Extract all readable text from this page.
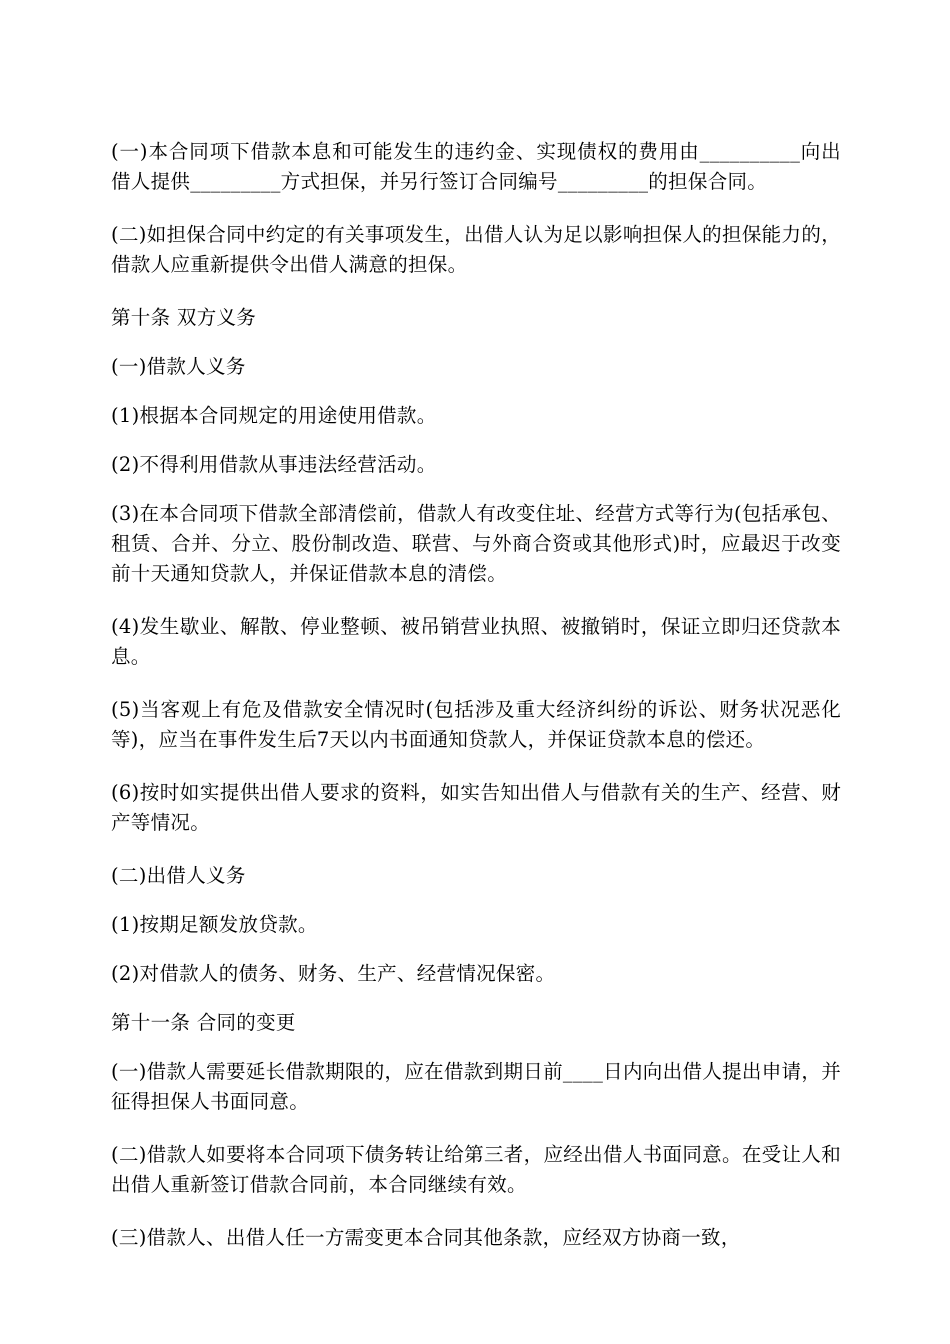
(一)本合同项下借款本息和可能发生的违约金、实现债权的费用由__________向出借人提供_________方式担保，并另行签订合同编号_________的担保合同。

(二)如担保合同中约定的有关事项发生，出借人认为足以影响担保人的担保能力的，借款人应重新提供令出借人满意的担保。

第十条 双方义务

(一)借款人义务

(1)根据本合同规定的用途使用借款。

(2)不得利用借款从事违法经营活动。

(3)在本合同项下借款全部清偿前，借款人有改变住址、经营方式等行为(包括承包、租赁、合并、分立、股份制改造、联营、与外商合资或其他形式)时，应最迟于改变前十天通知贷款人，并保证借款本息的清偿。

(4)发生歇业、解散、停业整顿、被吊销营业执照、被撤销时，保证立即归还贷款本息。

(5)当客观上有危及借款安全情况时(包括涉及重大经济纠纷的诉讼、财务状况恶化等)，应当在事件发生后7天以内书面通知贷款人，并保证贷款本息的偿还。

(6)按时如实提供出借人要求的资料，如实告知出借人与借款有关的生产、经营、财产等情况。

(二)出借人义务

(1)按期足额发放贷款。

(2)对借款人的债务、财务、生产、经营情况保密。

第十一条 合同的变更

(一)借款人需要延长借款期限的，应在借款到期日前____日内向出借人提出申请，并征得担保人书面同意。

(二)借款人如要将本合同项下债务转让给第三者，应经出借人书面同意。在受让人和出借人重新签订借款合同前，本合同继续有效。

(三)借款人、出借人任一方需变更本合同其他条款，应经双方协商一致，
